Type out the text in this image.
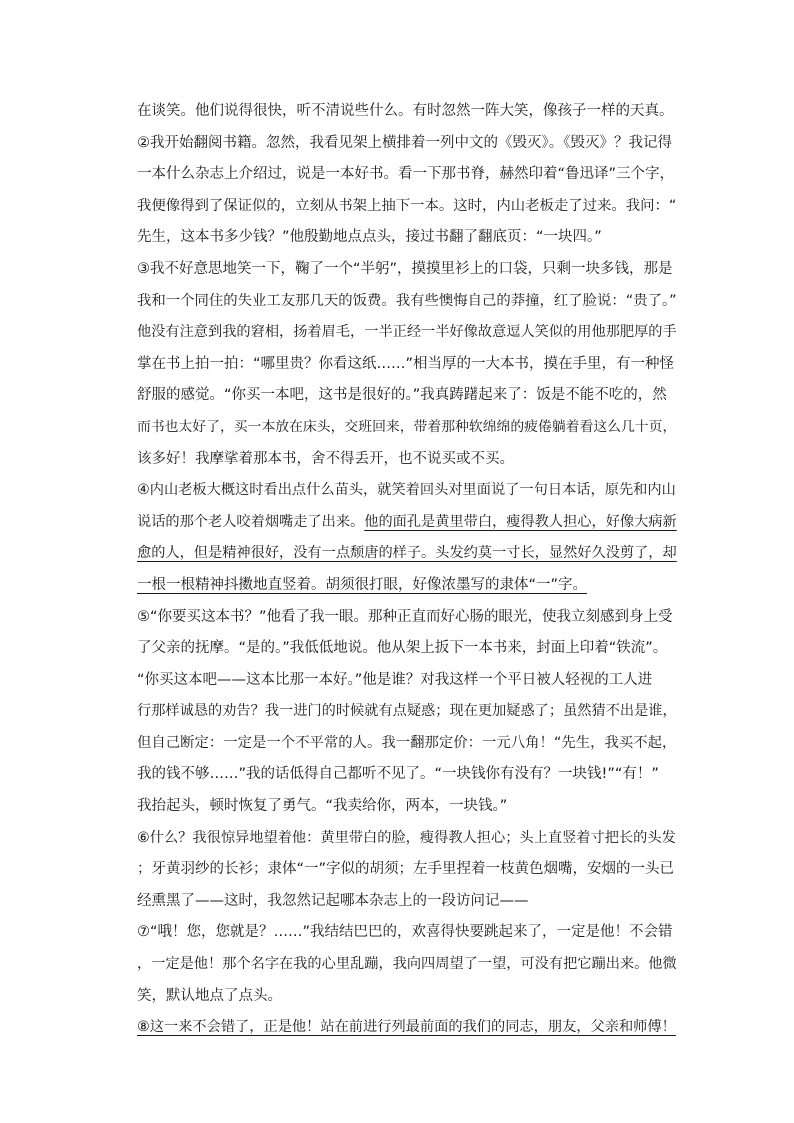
在谈笑。他们说得很快，听不清说些什么。有时忽然一阵大笑，像孩子一样的天真。
②我开始翻阅书籍。忽然，我看见架上横排着一列中文的《毁灭》。《毁灭》？我记得
一本什么杂志上介绍过，说是一本好书。看一下那书脊，赫然印着“鲁迅译”三个字，
我便像得到了保证似的，立刻从书架上抽下一本。这时，内山老板走了过来。我问：“
先生，这本书多少钱？”他殷勤地点点头，接过书翻了翻底页：“一块四。”
③我不好意思地笑一下，鞠了一个“半躬”，摸摸里衫上的口袋，只剩一块多钱，那是
我和一个同住的失业工友那几天的饭费。我有些懊悔自己的莽撞，红了脸说：“贵了。”
他没有注意到我的窘相，扬着眉毛，一半正经一半好像故意逗人笑似的用他那肥厚的手
掌在书上拍一拍：“哪里贵？你看这纸……”相当厚的一大本书，摸在手里，有一种怪
舒服的感觉。“你买一本吧，这书是很好的。”我真踌躇起来了：饭是不能不吃的，然
而书也太好了，买一本放在床头，交班回来，带着那种软绵绵的疲倦躺着看这么几十页，
该多好！我摩挲着那本书，舍不得丢开，也不说买或不买。
④内山老板大概这时看出点什么苗头，就笑着回头对里面说了一句日本话，原先和内山
说话的那个老人咬着烟嘴走了出来。他的面孔是黄里带白，瘦得教人担心，好像大病新
愈的人，但是精神很好，没有一点颓唐的样子。头发约莫一寸长，显然好久没剪了，却
一根一根精神抖擞地直竖着。胡须很打眼，好像浓墨写的隶体“一”字。
⑤“你要买这本书？”他看了我一眼。那种正直而好心肠的眼光，使我立刻感到身上受
了父亲的抚摩。“是的。”我低低地说。他从架上扳下一本书来，封面上印着“铁流”。
“你买这本吧——这本比那一本好。”他是谁？对我这样一个平日被人轻视的工人进
行那样诚恳的劝告？我一进门的时候就有点疑惑；现在更加疑惑了；虽然猜不出是谁，
但自己断定：一定是一个不平常的人。我一翻那定价：一元八角！“先生，我买不起，
我的钱不够……”我的话低得自己都听不见了。“一块钱你有没有？一块钱!”“有！”
我抬起头，顿时恢复了勇气。“我卖给你，两本，一块钱。”
⑥什么？我很惊异地望着他：黄里带白的脸，瘦得教人担心；头上直竖着寸把长的头发
；牙黄羽纱的长衫；隶体“一”字似的胡须；左手里捏着一枝黄色烟嘴，安烟的一头已
经熏黑了——这时，我忽然记起哪本杂志上的一段访问记——
⑦“哦！您，您就是？……”我结结巴巴的，欢喜得快要跳起来了，一定是他！不会错
，一定是他！那个名字在我的心里乱蹦，我向四周望了一望，可没有把它蹦出来。他微
笑，默认地点了点头。
⑧这一来不会错了，正是他！站在前进行列最前面的我们的同志，朋友，父亲和师傅！
